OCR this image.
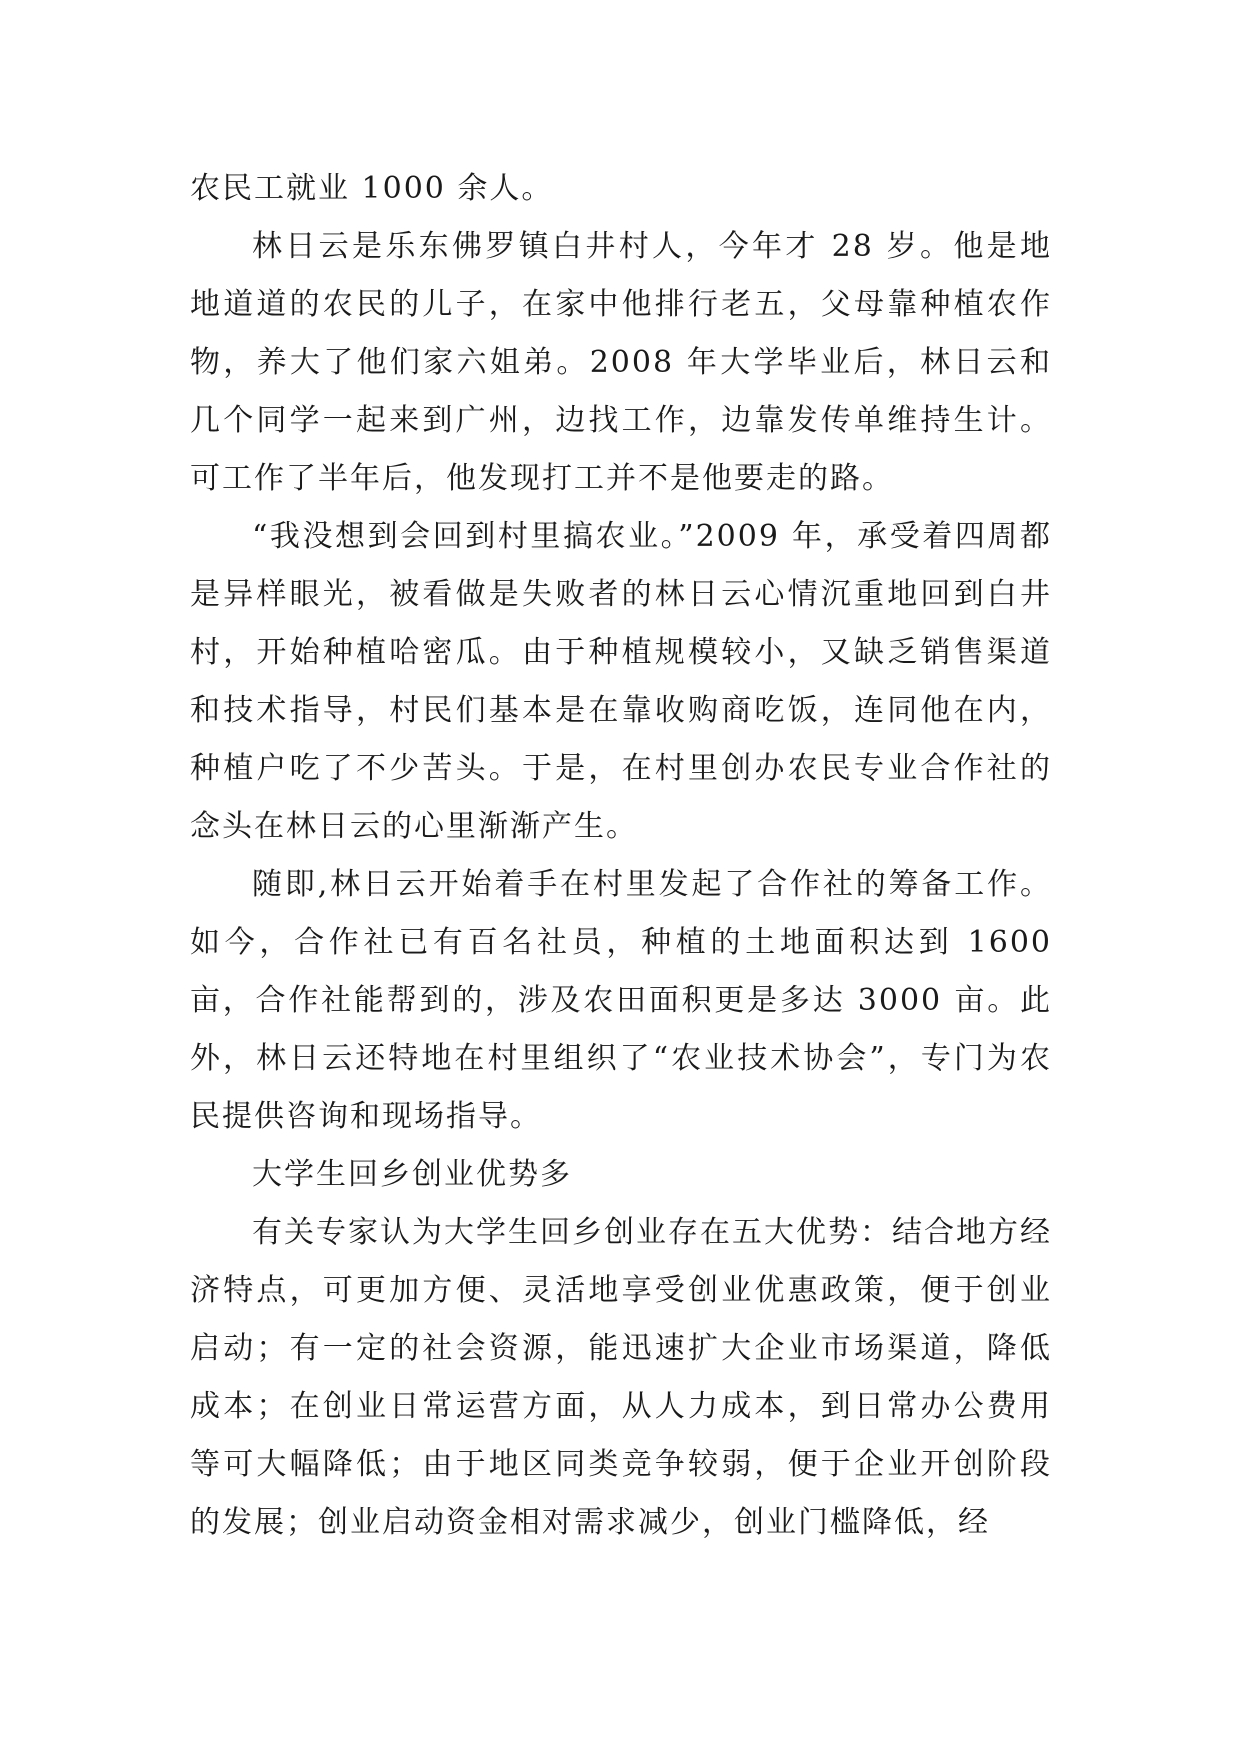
农民工就业 1000 余人。

林日云是乐东佛罗镇白井村人，今年才 28 岁。他是地地道道的农民的儿子，在家中他排行老五，父母靠种植农作物，养大了他们家六姐弟。2008 年大学毕业后，林日云和几个同学一起来到广州，边找工作，边靠发传单维持生计。可工作了半年后，他发现打工并不是他要走的路。

“我没想到会回到村里搞农业。”2009 年，承受着四周都是异样眼光，被看做是失败者的林日云心情沉重地回到白井村，开始种植哈密瓜。由于种植规模较小，又缺乏销售渠道和技术指导，村民们基本是在靠收购商吃饭，连同他在内，种植户吃了不少苦头。于是，在村里创办农民专业合作社的念头在林日云的心里渐渐产生。

随即,林日云开始着手在村里发起了合作社的筹备工作。如今，合作社已有百名社员，种植的土地面积达到 1600 亩，合作社能帮到的，涉及农田面积更是多达 3000 亩。此外，林日云还特地在村里组织了“农业技术协会”，专门为农民提供咨询和现场指导。

大学生回乡创业优势多

有关专家认为大学生回乡创业存在五大优势：结合地方经济特点，可更加方便、灵活地享受创业优惠政策，便于创业启动；有一定的社会资源，能迅速扩大企业市场渠道，降低成本；在创业日常运营方面，从人力成本，到日常办公费用等可大幅降低；由于地区同类竞争较弱，便于企业开创阶段的发展；创业启动资金相对需求减少，创业门槛降低，经
